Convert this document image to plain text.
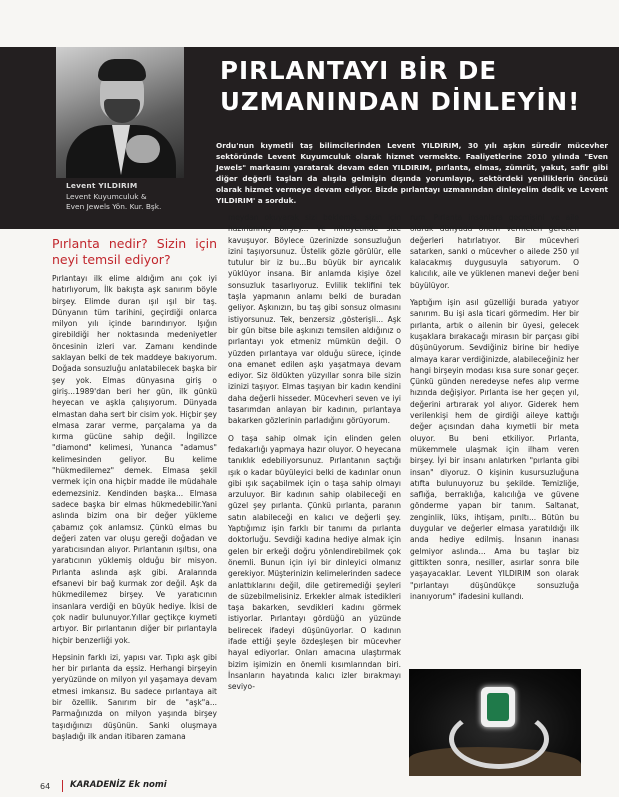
Levent YILDIRIM
Levent Kuyumculuk &
Even Jewels Yön. Kur. Bşk.
PIRLANTAYI BİR DE
UZMANINDAN DİNLEYİN!
Ordu'nun kıymetli taş bilimcilerinden Levent YILDIRIM, 30 yılı aşkın süredir mücevher sektöründe Levent Kuyumculuk olarak hizmet vermekte. Faaliyetlerine 2010 yılında "Even Jewels" markasını yaratarak devam eden YILDIRIM, pırlanta, elmas, zümrüt, yakut, safir gibi diğer değerli taşları da alışıla gelmişin dışında yorumlayıp, sektördeki yeniliklerin öncüsü olarak hizmet vermeye devam ediyor. Bizde pırlantayı uzmanından dinleyelim dedik ve Levent YILDIRIM' a sorduk.
Pırlanta nedir? Sizin için neyi temsil ediyor?

Pırlantayı ilk elime aldığım anı çok iyi hatırlıyorum, İlk bakışta aşk sanırım böyle birşey. Elimde duran ışıl ışıl bir taş. Dünyanın tüm tarihini, geçirdiği onlarca milyon yılı içinde barındırıyor. Işığın girebildiği her noktasında medeniyetler öncesinin izleri var. Zamanı kendinde saklayan belki de tek maddeye bakıyorum. Doğada sonsuzluğu anlatabilecek başka bir şey yok. Elmas dünyasına giriş o giriş...1989'dan beri her gün, ilk günkü heyecan ve aşkla çalışıyorum. Dünyada elmastan daha sert bir cisim yok. Hiçbir şey elmasa zarar verme, parçalama ya da kırma gücüne sahip değil. İngilizce "diamond" kelimesi, Yunanca "adamus" kelimesinden geliyor. Bu kelime "hükmedilemez" demek. Elmasa şekil vermek için ona hiçbir madde ile müdahale edemezsiniz. Kendinden başka... Elmasa sadece başka bir elmas hükmedebilir.Yani aslında bizim ona bir değer yükleme çabamız çok anlamsız. Çünkü elmas bu değeri zaten var oluşu gereği doğadan ve yaratıcısından alıyor. Pırlantanın ışıltısı, ona yaratıcının yüklemiş olduğu bir misyon. Pırlanta aslında aşk gibi. Aralarında efsanevi bir bağ kurmak zor değil. Aşk da hükmedilemez birşey. Ve yaratıcının insanlara verdiği en büyük hediye. İkisi de çok nadir bulunuyor.Yıllar geçtikçe kıymeti artıyor. Bir pırlantanın diğer bir pırlantayla hiçbir benzerliği yok.

Hepsinin farklı izi, yapısı var. Tıpkı aşk gibi her bir pırlanta da eşsiz. Herhangi birşeyin yeryüzünde on milyon yıl yaşamaya devam etmesi imkansız. Bu sadece pırlantaya ait bir özellik. Sanırım bir de "aşk"a... Parmağınızda on milyon yaşında birşey taşıdığınızı düşünün. Sanki oluşmaya başladığı ilk andan itibaren zamana

meydan okuyarak sizi beklemiş, sizin için hazırlanmış birşey... Ve nihayetinde size kavuşuyor. Böylece üzerinizde sonsuzluğun izini taşıyorsunuz. Üstelik gözle görülür, elle tutulur bir iz bu...Bu büyük bir ayrıcalık yüklüyor insana. Bir anlamda kişiye özel sonsuzluk tasarlıyoruz. Evlilik teklifini tek taşla yapmanın anlamı belki de buradan geliyor. Aşkınızın, bu taş gibi sonsuz olmasını istiyorsunuz. Tek, benzersiz ,gösterişli... Aşk bir gün bitse bile aşkınızı temsilen aldığınız o pırlantayı yok etmeniz mümkün değil. O yüzden pırlantaya var olduğu sürece, içinde ona emanet edilen aşkı yaşatmaya devam ediyor. Siz öldükten yüzyıllar sonra bile sizin izinizi taşıyor. Elmas taşıyan bir kadın kendini daha değerli hisseder. Mücevheri seven ve iyi tasarımdan anlayan bir kadının, pırlantaya bakarken gözlerinin parladığını görüyorum.

O taşa sahip olmak için elinden gelen fedakarlığı yapmaya hazır oluyor. O heyecana tanıklık edebiliyorsunuz. Pırlantanın saçtığı ışık o kadar büyüleyici belki de kadınlar onun gibi ışık saçabilmek için o taşa sahip olmayı arzuluyor. Bir kadının sahip olabileceği en güzel şey pırlanta. Çünkü pırlanta, paranın satın alabileceği en kalıcı ve değerli şey. Yaptığımız işin farklı bir tanımı da pırlanta doktorluğu. Sevdiği kadına hediye almak için gelen bir erkeği doğru yönlendirebilmek çok önemli. Bunun için iyi bir dinleyici olmanız gerekiyor. Müşterinizin kelimelerinden sadece anlattıklarını değil, dile getiremediği şeyleri de süzebilmelisiniz. Erkekler almak istedikleri taşa bakarken, sevdikleri kadını görmek istiyorlar. Pırlantayı gördüğü an yüzünde belirecek ifadeyi düşünüyorlar. O kadının ifade ettiği şeyle özdeşleşen bir mücevher hayal ediyorlar. Onları amacına ulaştırmak bizim işimizin en önemli kısımlarından biri. İnsanların hayatında kalıcı izler bırakmayı seviyo-

rum. Pırlanta insanlara geçmişini ve aile olarak dünyada önem vermeleri gereken değerleri hatırlatıyor. Bir mücevheri satarken, sanki o mücevher o ailede 250 yıl kalacakmış duygusuyla satıyorum. O kalıcılık, aile ve yüklenen manevi değer beni büyülüyor.

Yaptığım işin asıl güzelliği burada yatıyor sanırım. Bu işi asla ticari görmedim. Her bir pırlanta, artık o ailenin bir üyesi, gelecek kuşaklara bırakacağı mirasın bir parçası gibi düşünüyorum. Sevdiğiniz birine bir hediye almaya karar verdiğinizde, alabileceğiniz her hangi birşeyin modası kısa sure sonar geçer. Çünkü günden neredeyse nefes alıp verme hızında değişiyor. Pırlanta ise her geçen yıl, değerini artırarak yol alıyor. Giderek hem verilenkişi hem de girdiği aileye kattığı değer açısından daha kıymetli bir meta oluyor. Bu beni etkiliyor. Pırlanta, mükemmele ulaşmak için ilham veren birşey. İyi bir insanı anlatırken "pırlanta gibi insan" diyoruz. O kişinin kusursuzluğuna atıfta bulunuyoruz bu şekilde. Temizliğe, saflığa, berraklığa, kalıcılığa ve güvene gönderme yapan bir tanım. Saltanat, zenginlik, lüks, ihtişam, pırıltı... Bütün bu duygular ve değerler elmasa yaratıldığı ilk anda hediye edilmiş. İnsanın inanası gelmiyor aslında... Ama bu taşlar biz gittikten sonra, nesiller, asırlar sonra bile yaşayacaklar. Levent YILDIRIM son olarak "pırlantayı düşündükçe sonsuzluğa inanıyorum" ifadesini kullandı.

64 KARADENİZ Ek nomi
